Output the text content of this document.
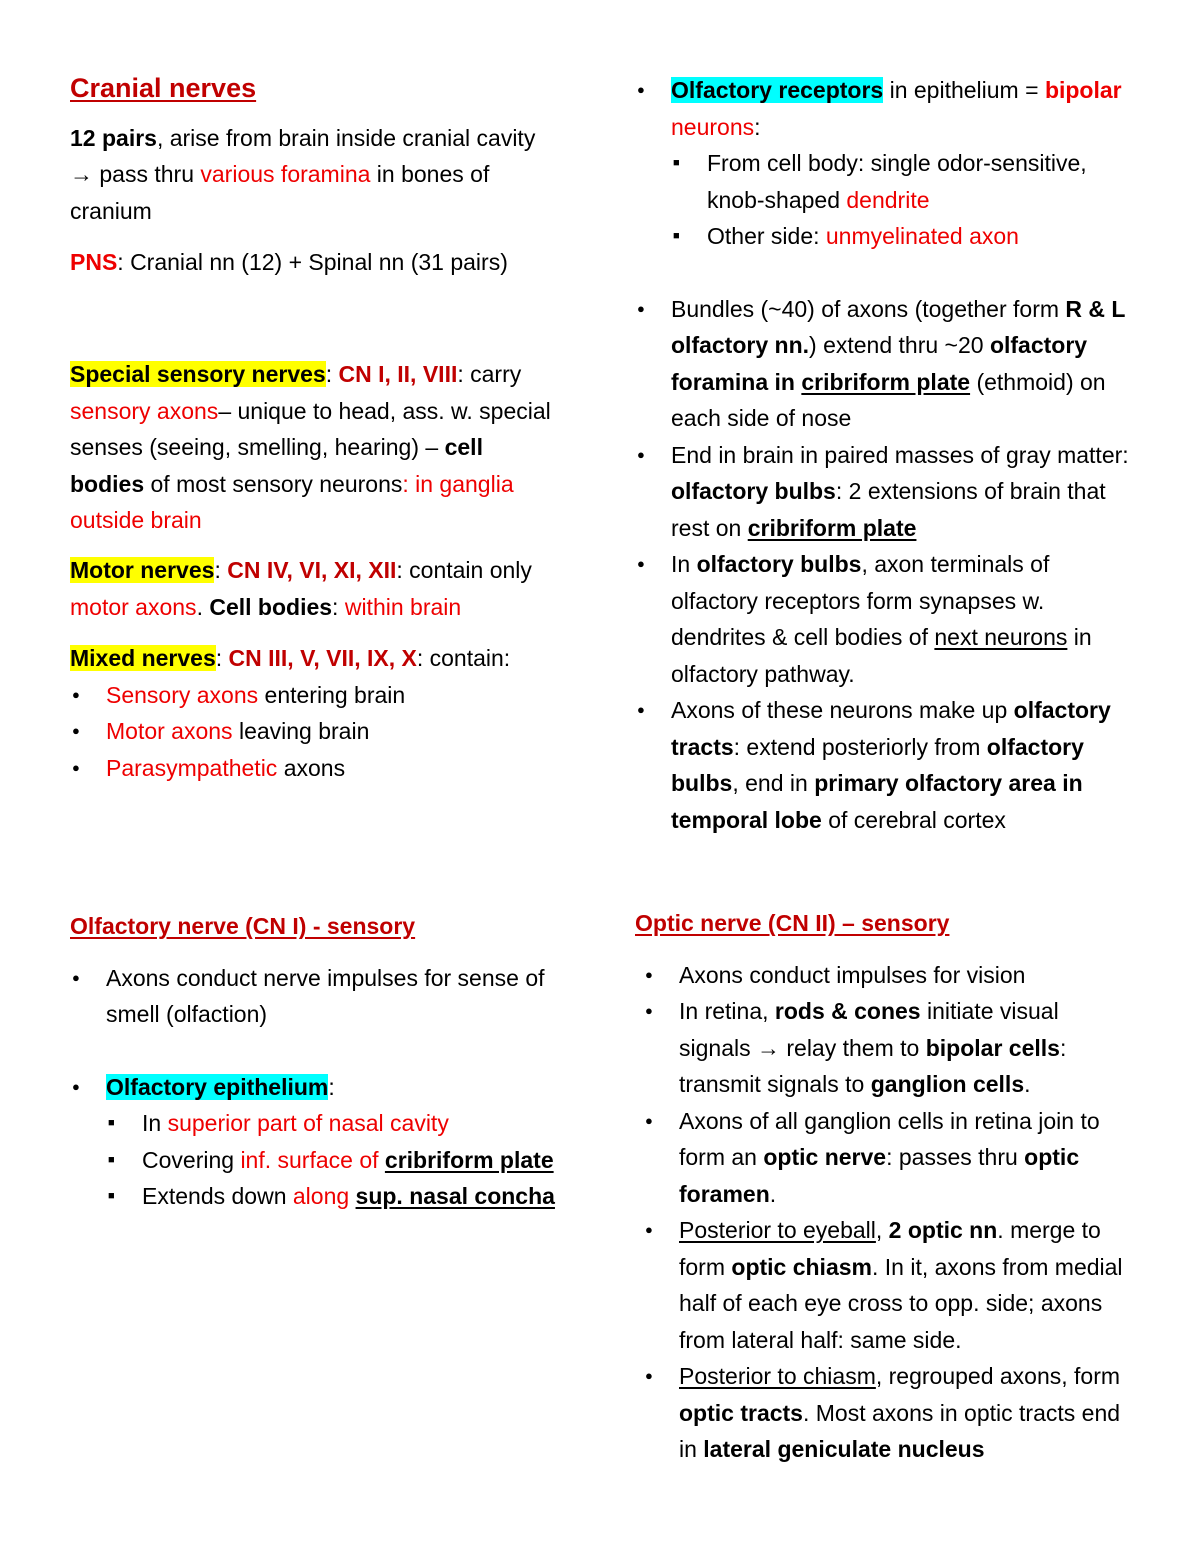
Cranial nerves

12 pairs, arise from brain inside cranial cavity → pass thru various foramina in bones of cranium

PNS: Cranial nn (12) + Spinal nn (31 pairs)

Special sensory nerves: CN I, II, VIII: carry sensory axons– unique to head, ass. w. special senses (seeing, smelling, hearing) – cell bodies of most sensory neurons: in ganglia outside brain

Motor nerves: CN IV, VI, XI, XII: contain only motor axons. Cell bodies: within brain

Mixed nerves: CN III, V, VII, IX, X: contain:

● Sensory axons entering brain
● Motor axons leaving brain
● Parasympathetic axons
● Olfactory receptors in epithelium = bipolar neurons:
■ From cell body: single odor-sensitive, knob-shaped dendrite
■ Other side: unmyelinated axon
● Bundles (~40) of axons (together form R & L olfactory nn.) extend thru ~20 olfactory foramina in cribriform plate (ethmoid) on each side of nose
● End in brain in paired masses of gray matter: olfactory bulbs: 2 extensions of brain that rest on cribriform plate
● In olfactory bulbs, axon terminals of olfactory receptors form synapses w. dendrites & cell bodies of next neurons in olfactory pathway.
● Axons of these neurons make up olfactory tracts: extend posteriorly from olfactory bulbs, end in primary olfactory area in temporal lobe of cerebral cortex

Olfactory nerve (CN I) - sensory

● Axons conduct nerve impulses for sense of smell (olfaction)
● Olfactory epithelium:
■ In superior part of nasal cavity
■ Covering inf. surface of cribriform plate
■ Extends down along sup. nasal concha

Optic nerve (CN II) – sensory

● Axons conduct impulses for vision
● In retina, rods & cones initiate visual signals → relay them to bipolar cells: transmit signals to ganglion cells.
● Axons of all ganglion cells in retina join to form an optic nerve: passes thru optic foramen.
● Posterior to eyeball, 2 optic nn. merge to form optic chiasm. In it, axons from medial half of each eye cross to opp. side; axons from lateral half: same side.
● Posterior to chiasm, regrouped axons, form optic tracts. Most axons in optic tracts end in lateral geniculate nucleus
